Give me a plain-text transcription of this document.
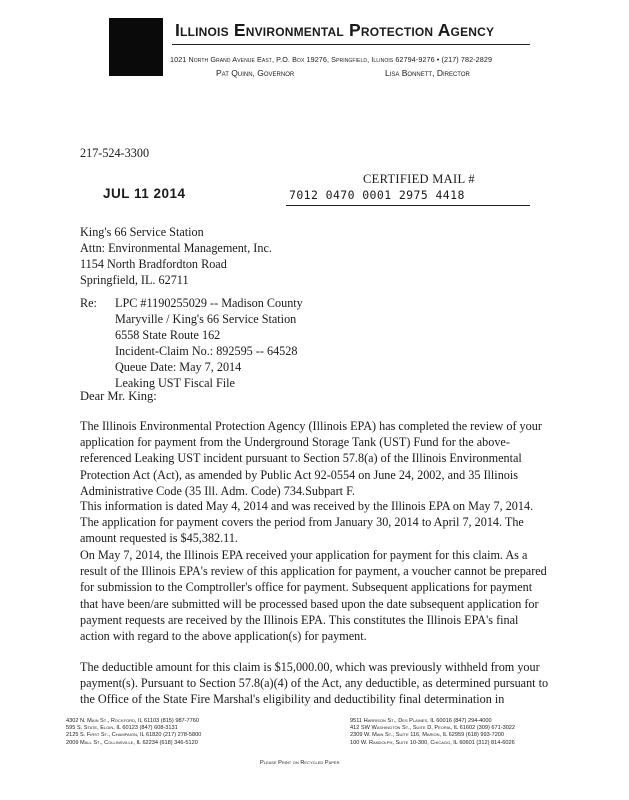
Illinois Environmental Protection Agency
1021 North Grand Avenue East, P.O. Box 19276, Springfield, Illinois 62794-9276 • (217) 782-2829
Pat Quinn, Governor	Lisa Bonnett, Director
217-524-3300
CERTIFIED MAIL #
JUL 11 2014	7012 0470 0001 2975 4418
King's 66 Service Station
Attn: Environmental Management, Inc.
1154 North Bradfordton Road
Springfield, IL. 62711
Re: LPC #1190255029 -- Madison County
Maryville / King's 66 Service Station
6558 State Route 162
Incident-Claim No.: 892595 -- 64528
Queue Date: May 7, 2014
Leaking UST Fiscal File
Dear Mr. King:
The Illinois Environmental Protection Agency (Illinois EPA) has completed the review of your
application for payment from the Underground Storage Tank (UST) Fund for the above-
referenced Leaking UST incident pursuant to Section 57.8(a) of the Illinois Environmental
Protection Act (Act), as amended by Public Act 92-0554 on June 24, 2002, and 35 Illinois
Administrative Code (35 Ill. Adm. Code) 734.Subpart F.
This information is dated May 4, 2014 and was received by the Illinois EPA on May 7, 2014.
The application for payment covers the period from January 30, 2014 to April 7, 2014. The
amount requested is $45,382.11.
On May 7, 2014, the Illinois EPA received your application for payment for this claim. As a
result of the Illinois EPA's review of this application for payment, a voucher cannot be prepared
for submission to the Comptroller's office for payment. Subsequent applications for payment
that have been/are submitted will be processed based upon the date subsequent application for
payment requests are received by the Illinois EPA. This constitutes the Illinois EPA's final
action with regard to the above application(s) for payment.
The deductible amount for this claim is $15,000.00, which was previously withheld from your
payment(s). Pursuant to Section 57.8(a)(4) of the Act, any deductible, as determined pursuant to
the Office of the State Fire Marshal's eligibility and deductibility final determination in
4302 N. Main St., Rockford, IL 61103 (815) 987-7760
595 S. State, Elgin, IL 60123 (847) 608-3131
2125 S. First St., Champaign, IL 61820 (217) 278-5800
2009 Mall St., Collinsville, IL 62234 (618) 346-5120
9511 Harrison St., Des Plaines, IL 60016 (847) 294-4000
412 SW Washington St., Suite D, Peoria, IL 61602 (309) 671-3022
2309 W. Main St., Suite 116, Marion, IL 62959 (618) 993-7200
100 W. Randolph, Suite 10-300, Chicago, IL 60601 (312) 814-6026
Please Print on Recycled Paper
